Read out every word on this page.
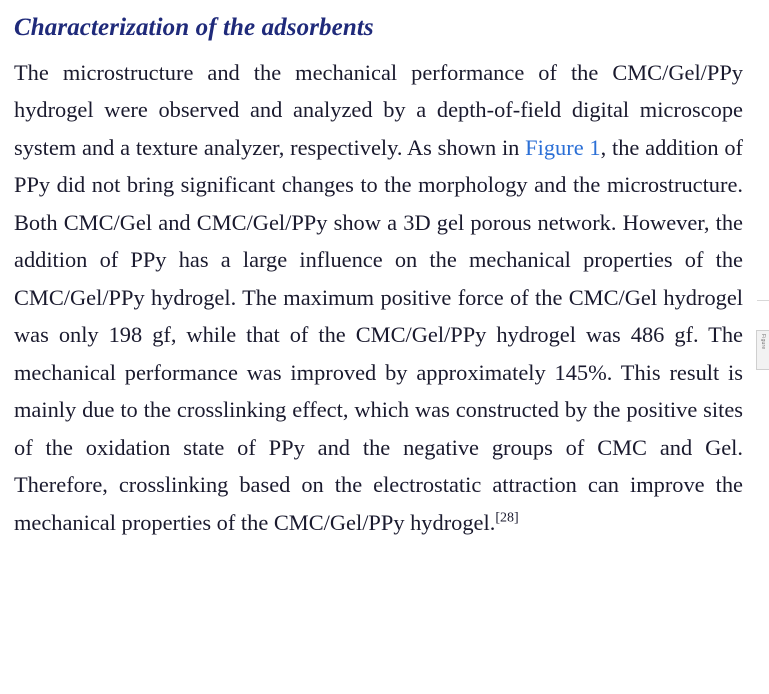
Characterization of the adsorbents

The microstructure and the mechanical performance of the CMC/Gel/PPy hydrogel were observed and analyzed by a depth-of-field digital microscope system and a texture analyzer, respectively. As shown in Figure 1, the addition of PPy did not bring significant changes to the morphology and the microstructure. Both CMC/Gel and CMC/Gel/PPy show a 3D gel porous network. However, the addition of PPy has a large influence on the mechanical properties of the CMC/Gel/PPy hydrogel. The maximum positive force of the CMC/Gel hydrogel was only 198 gf, while that of the CMC/Gel/PPy hydrogel was 486 gf. The mechanical performance was improved by approximately 145%. This result is mainly due to the crosslinking effect, which was constructed by the positive sites of the oxidation state of PPy and the negative groups of CMC and Gel. Therefore, crosslinking based on the electrostatic attraction can improve the mechanical properties of the CMC/Gel/PPy hydrogel.[28]

Figure
